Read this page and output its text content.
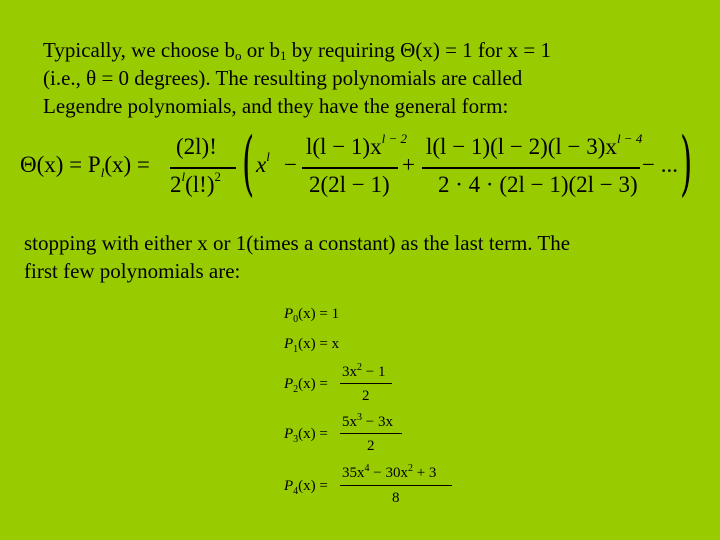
Typically, we choose $b_o$ or $b_1$ by requiring Θ(x) = 1 for x = 1
(i.e., θ = 0 degrees). The resulting polynomials are called
Legendre polynomials, and they have the general form:

$\Theta(x) = P_l(x)$ =
(2l)!
$2^l(l!)^2$ ( $x^l$ −
$l(l - 1)x^{l - 2}$
2(2l − 1)
+
$l(l - 1)(l - 2)(l - 3)x^{l - 4}$
2 · 4 · (2l − 1)(2l − 3)
− ... )

stopping with either x or 1(times a constant) as the last term. The
first few polynomials are:

$P_0(x) = 1$
$P_1(x) = x$
$P_2(x)$ =
$3x^2 - 1$
2
$P_3(x)$ =
$5x^3 - 3x$
2
$P_4(x)$ =
$35x^4 - 30x^2 + 3$
8
